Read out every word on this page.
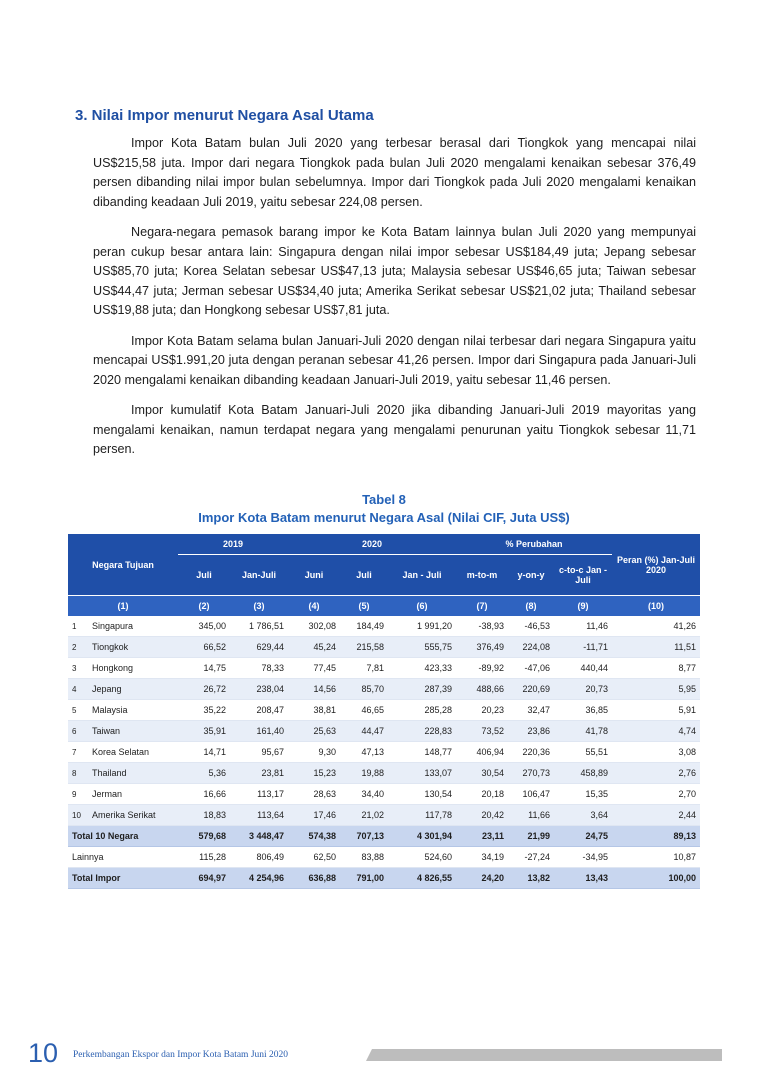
3. Nilai Impor menurut Negara Asal Utama

Impor Kota Batam bulan Juli 2020 yang terbesar berasal dari Tiongkok yang mencapai nilai US$215,58 juta. Impor dari negara Tiongkok pada bulan Juli 2020 mengalami kenaikan sebesar 376,49 persen dibanding nilai impor bulan sebelumnya. Impor dari Tiongkok pada Juli 2020 mengalami kenaikan dibanding keadaan Juli 2019, yaitu sebesar 224,08 persen.

Negara-negara pemasok barang impor ke Kota Batam lainnya bulan Juli 2020 yang mempunyai peran cukup besar antara lain: Singapura dengan nilai impor sebesar US$184,49 juta; Jepang sebesar US$85,70 juta; Korea Selatan sebesar US$47,13 juta; Malaysia sebesar US$46,65 juta; Taiwan sebesar US$44,47 juta; Jerman sebesar US$34,40 juta; Amerika Serikat sebesar US$21,02 juta; Thailand sebesar US$19,88 juta; dan Hongkong sebesar US$7,81 juta.

Impor Kota Batam selama bulan Januari-Juli 2020 dengan nilai terbesar dari negara Singapura yaitu mencapai US$1.991,20 juta dengan peranan sebesar 41,26 persen. Impor dari Singapura pada Januari-Juli 2020 mengalami kenaikan dibanding keadaan Januari-Juli 2019, yaitu sebesar 11,46 persen.

Impor kumulatif Kota Batam Januari-Juli 2020 jika dibanding Januari-Juli 2019 mayoritas yang mengalami kenaikan, namun terdapat negara yang mengalami penurunan yaitu Tiongkok sebesar 11,71 persen.

Tabel 8
Impor Kota Batam menurut Negara Asal (Nilai CIF, Juta US$)
Negara Tujuan		2019		2020			% Perubahan			Peran (%) Jan-Juli 2020
		Juli	Jan-Juli	Juni	Juli	Jan - Juli	m-to-m	y-on-y	c-to-c Jan - Juli	
(1)		(2)	(3)	(4)	(5)	(6)	(7)	(8)	(9)	(10)
1	Singapura	345,00	1 786,51	302,08	184,49	1 991,20	-38,93	-46,53	11,46	41,26
2	Tiongkok	66,52	629,44	45,24	215,58	555,75	376,49	224,08	-11,71	11,51
3	Hongkong	14,75	78,33	77,45	7,81	423,33	-89,92	-47,06	440,44	8,77
4	Jepang	26,72	238,04	14,56	85,70	287,39	488,66	220,69	20,73	5,95
5	Malaysia	35,22	208,47	38,81	46,65	285,28	20,23	32,47	36,85	5,91
6	Taiwan	35,91	161,40	25,63	44,47	228,83	73,52	23,86	41,78	4,74
7	Korea Selatan	14,71	95,67	9,30	47,13	148,77	406,94	220,36	55,51	3,08
8	Thailand	5,36	23,81	15,23	19,88	133,07	30,54	270,73	458,89	2,76
9	Jerman	16,66	113,17	28,63	34,40	130,54	20,18	106,47	15,35	2,70
10	Amerika Serikat	18,83	113,64	17,46	21,02	117,78	20,42	11,66	3,64	2,44
Total 10 Negara		579,68	3 448,47	574,38	707,13	4 301,94	23,11	21,99	24,75	89,13
Lainnya		115,28	806,49	62,50	83,88	524,60	34,19	-27,24	-34,95	10,87
Total Impor		694,97	4 254,96	636,88	791,00	4 826,55	24,20	13,82	13,43	100,00
10 Perkembangan Ekspor dan Impor Kota Batam Juni 2020
